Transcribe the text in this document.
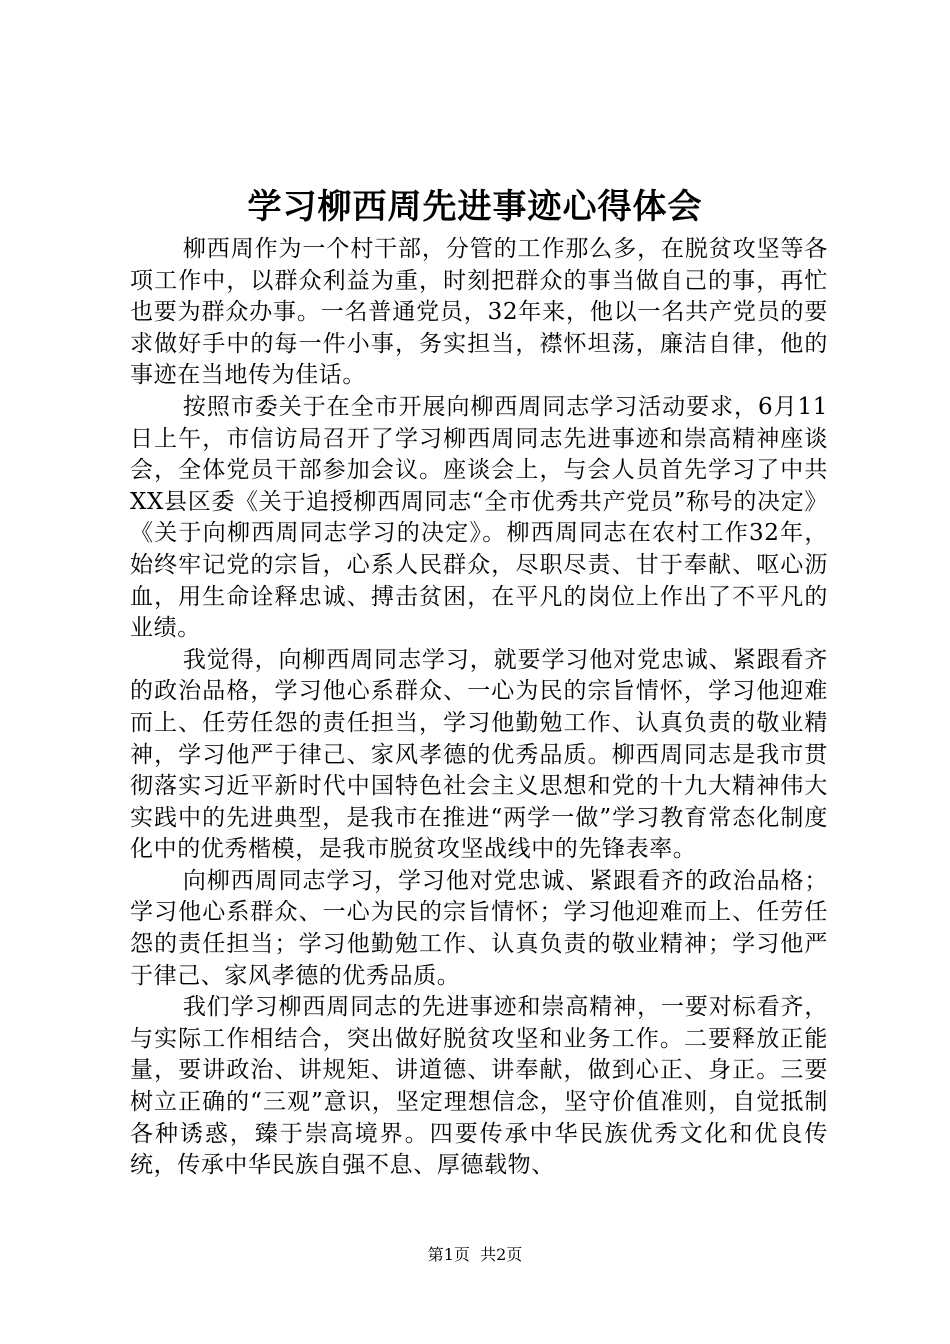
学习柳西周先进事迹心得体会

柳西周作为一个村干部，分管的工作那么多，在脱贫攻坚等各项工作中，以群众利益为重，时刻把群众的事当做自己的事，再忙也要为群众办事。一名普通党员，32年来，他以一名共产党员的要求做好手中的每一件小事，务实担当，襟怀坦荡，廉洁自律，他的事迹在当地传为佳话。

按照市委关于在全市开展向柳西周同志学习活动要求，6月11日上午，市信访局召开了学习柳西周同志先进事迹和崇高精神座谈会，全体党员干部参加会议。座谈会上，与会人员首先学习了中共XX县区委《关于追授柳西周同志“全市优秀共产党员”称号的决定》《关于向柳西周同志学习的决定》。柳西周同志在农村工作32年，始终牢记党的宗旨，心系人民群众，尽职尽责、甘于奉献、呕心沥血，用生命诠释忠诚、搏击贫困，在平凡的岗位上作出了不平凡的业绩。

我觉得，向柳西周同志学习，就要学习他对党忠诚、紧跟看齐的政治品格，学习他心系群众、一心为民的宗旨情怀，学习他迎难而上、任劳任怨的责任担当，学习他勤勉工作、认真负责的敬业精神，学习他严于律己、家风孝德的优秀品质。柳西周同志是我市贯彻落实习近平新时代中国特色社会主义思想和党的十九大精神伟大实践中的先进典型，是我市在推进“两学一做”学习教育常态化制度化中的优秀楷模，是我市脱贫攻坚战线中的先锋表率。

向柳西周同志学习，学习他对党忠诚、紧跟看齐的政治品格；学习他心系群众、一心为民的宗旨情怀；学习他迎难而上、任劳任怨的责任担当；学习他勤勉工作、认真负责的敬业精神；学习他严于律己、家风孝德的优秀品质。

我们学习柳西周同志的先进事迹和崇高精神，一要对标看齐，与实际工作相结合，突出做好脱贫攻坚和业务工作。二要释放正能量，要讲政治、讲规矩、讲道德、讲奉献，做到心正、身正。三要树立正确的“三观”意识，坚定理想信念，坚守价值准则，自觉抵制各种诱惑，臻于崇高境界。四要传承中华民族优秀文化和优良传统，传承中华民族自强不息、厚德载物、

第1页  共2页
